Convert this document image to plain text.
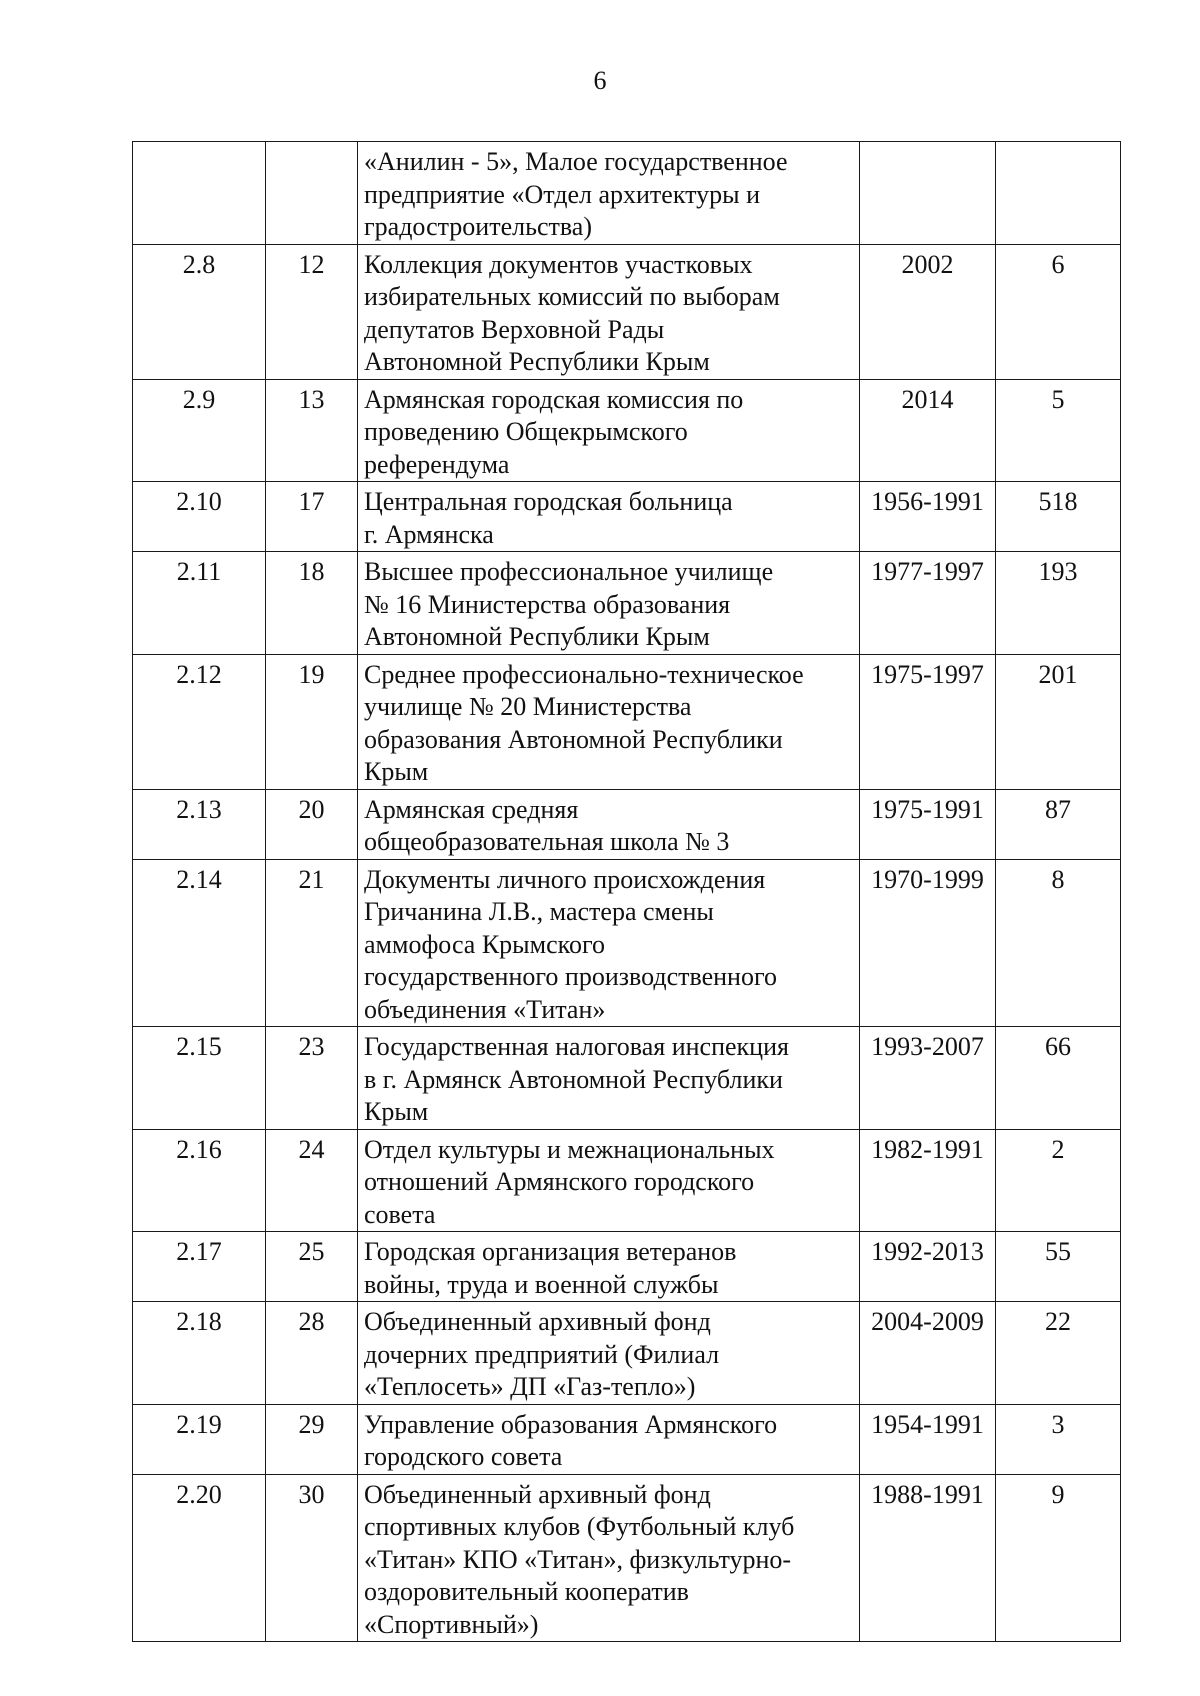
6

		«Анилин - 5», Малое государственное
предприятие «Отдел архитектуры и
градостроительства)		

2.8	12	Коллекция документов участковых
избирательных комиссий по выборам
депутатов Верховной Рады
Автономной Республики Крым	2002	6
2.9	13	Армянская городская комиссия по
проведению Общекрымского
референдума	2014	5
2.10	17	Центральная городская больница
г. Армянска	1956-1991	518
2.11	18	Высшее профессиональное училище
№ 16 Министерства образования
Автономной Республики Крым	1977-1997	193
2.12	19	Среднее профессионально-техническое
училище № 20 Министерства
образования Автономной Республики
Крым	1975-1997	201
2.13	20	Армянская средняя
общеобразовательная школа № 3	1975-1991	87
2.14	21	Документы личного происхождения
Гричанина Л.В., мастера смены
аммофоса Крымского
государственного производственного
объединения «Титан»	1970-1999	8
2.15	23	Государственная налоговая инспекция
в г. Армянск Автономной Республики
Крым	1993-2007	66
2.16	24	Отдел культуры и межнациональных
отношений Армянского городского
совета	1982-1991	2
2.17	25	Городская организация ветеранов
войны, труда и военной службы	1992-2013	55
2.18	28	Объединенный архивный фонд
дочерних предприятий (Филиал
«Теплосеть» ДП «Газ-тепло»)	2004-2009	22
2.19	29	Управление образования Армянского
городского совета	1954-1991	3
2.20	30	Объединенный архивный фонд
спортивных клубов (Футбольный клуб
«Титан» КПО «Титан», физкультурно-
оздоровительный кооператив
«Спортивный»)	1988-1991	9
